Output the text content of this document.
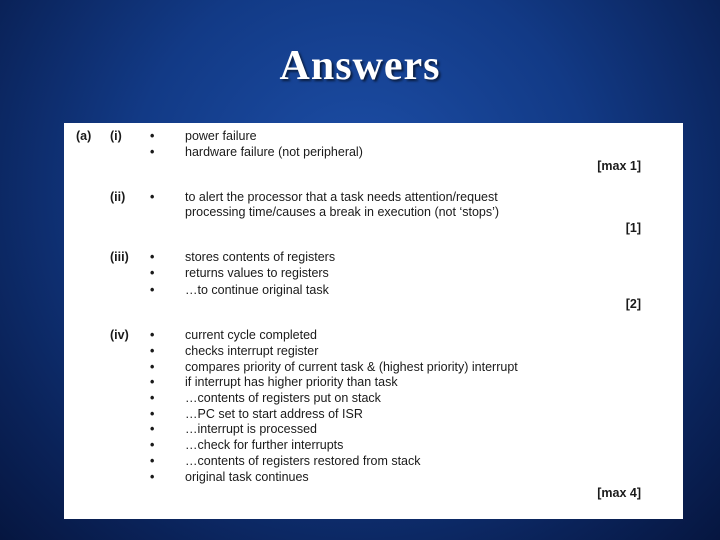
Answers
(a) (i) • power failure
• hardware failure (not peripheral)
[max 1]
(ii) • to alert the processor that a task needs attention/request
processing time/causes a break in execution (not ‘stops’)
[1]
(iii) • stores contents of registers
• returns values to registers
• …to continue original task
[2]
(iv) • current cycle completed
• checks interrupt register
• compares priority of current task & (highest priority) interrupt
• if interrupt has higher priority than task
• …contents of registers put on stack
• …PC set to start address of ISR
• …interrupt is processed
• …check for further interrupts
• …contents of registers restored from stack
• original task continues
[max 4]
